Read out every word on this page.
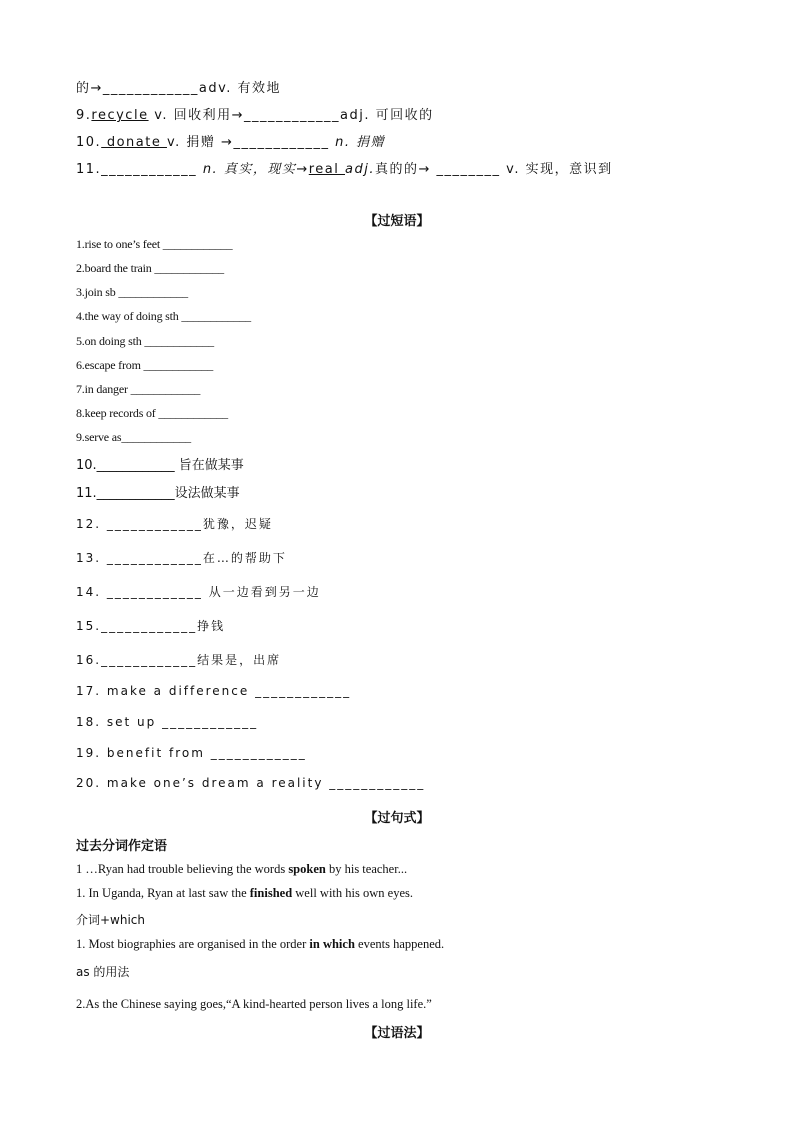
的→____________adv. 有效地
9.recycle v. 回收利用→____________adj. 可回收的
10. donate v. 捐赠 →____________ n. 捐赠
11.____________ n. 真实，现实→real adj.真的的→ ________ v. 实现，意识到
【过短语】
1.rise to one’s feet ____________
2.board the train ____________
3.join sb ____________
4.the way of doing sth ____________
5.on doing sth ____________
6.escape from ____________
7.in danger ____________
8.keep records of ____________
9.serve as____________
10.____________ 旨在做某事
11.____________设法做某事
12. ____________犹豫，迟疑
13. ____________在…的帮助下
14. ____________ 从一边看到另一边
15.____________挣钱
16.____________结果是，出席
17. make a difference ____________
18. set up ____________
19. benefit from ____________
20. make one’s dream a reality ____________
【过句式】
过去分词作定语
1 …Ryan had trouble believing the words spoken by his teacher...
1. In Uganda, Ryan at last saw the finished well with his own eyes.
介词+which
1. Most biographies are organised in the order in which events happened.
as 的用法
2.As the Chinese saying goes,“A kind-hearted person lives a long life.”
【过语法】
